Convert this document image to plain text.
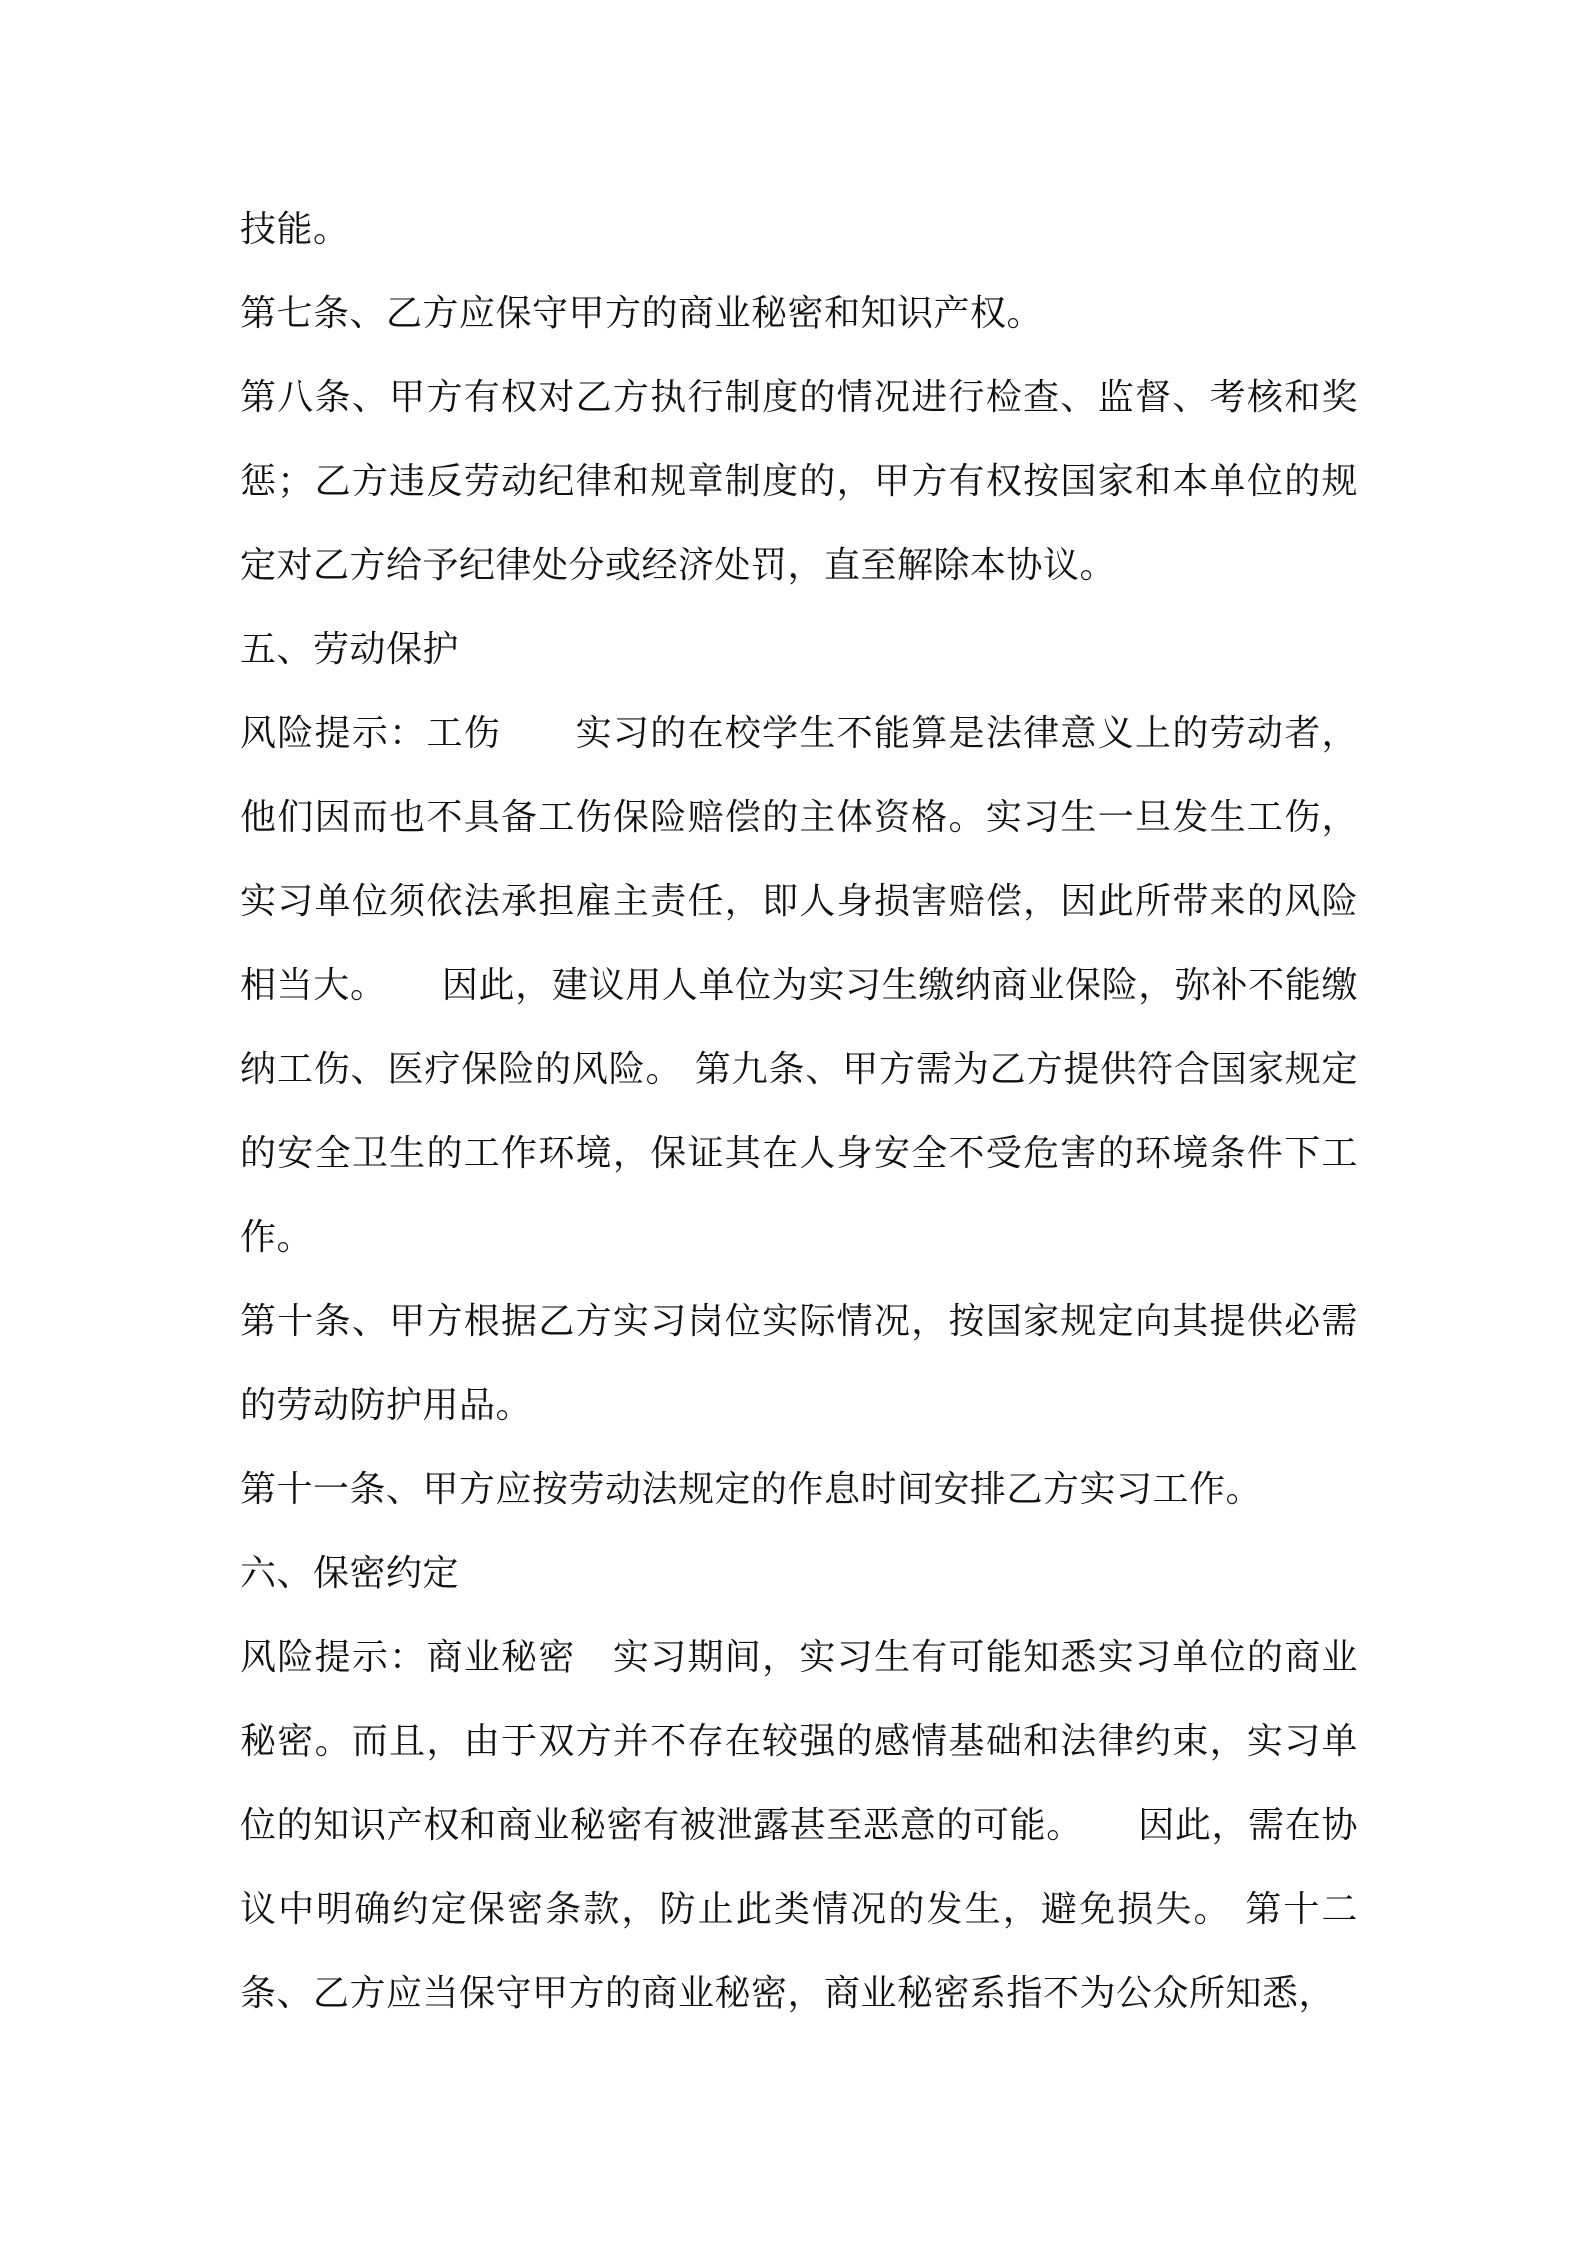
技能。

第七条、乙方应保守甲方的商业秘密和知识产权。

第八条、甲方有权对乙方执行制度的情况进行检查、监督、考核和奖惩；乙方违反劳动纪律和规章制度的，甲方有权按国家和本单位的规定对乙方给予纪律处分或经济处罚，直至解除本协议。

五、劳动保护

风险提示：工伤　　实习的在校学生不能算是法律意义上的劳动者，他们因而也不具备工伤保险赔偿的主体资格。实习生一旦发生工伤，实习单位须依法承担雇主责任，即人身损害赔偿，因此所带来的风险相当大。　　因此，建议用人单位为实习生缴纳商业保险，弥补不能缴纳工伤、医疗保险的风险。 第九条、甲方需为乙方提供符合国家规定的安全卫生的工作环境，保证其在人身安全不受危害的环境条件下工作。

第十条、甲方根据乙方实习岗位实际情况，按国家规定向其提供必需的劳动防护用品。

第十一条、甲方应按劳动法规定的作息时间安排乙方实习工作。

六、保密约定

风险提示：商业秘密　实习期间，实习生有可能知悉实习单位的商业秘密。而且，由于双方并不存在较强的感情基础和法律约束，实习单位的知识产权和商业秘密有被泄露甚至恶意的可能。　　因此，需在协议中明确约定保密条款，防止此类情况的发生，避免损失。 第十二条、乙方应当保守甲方的商业秘密，商业秘密系指不为公众所知悉，
